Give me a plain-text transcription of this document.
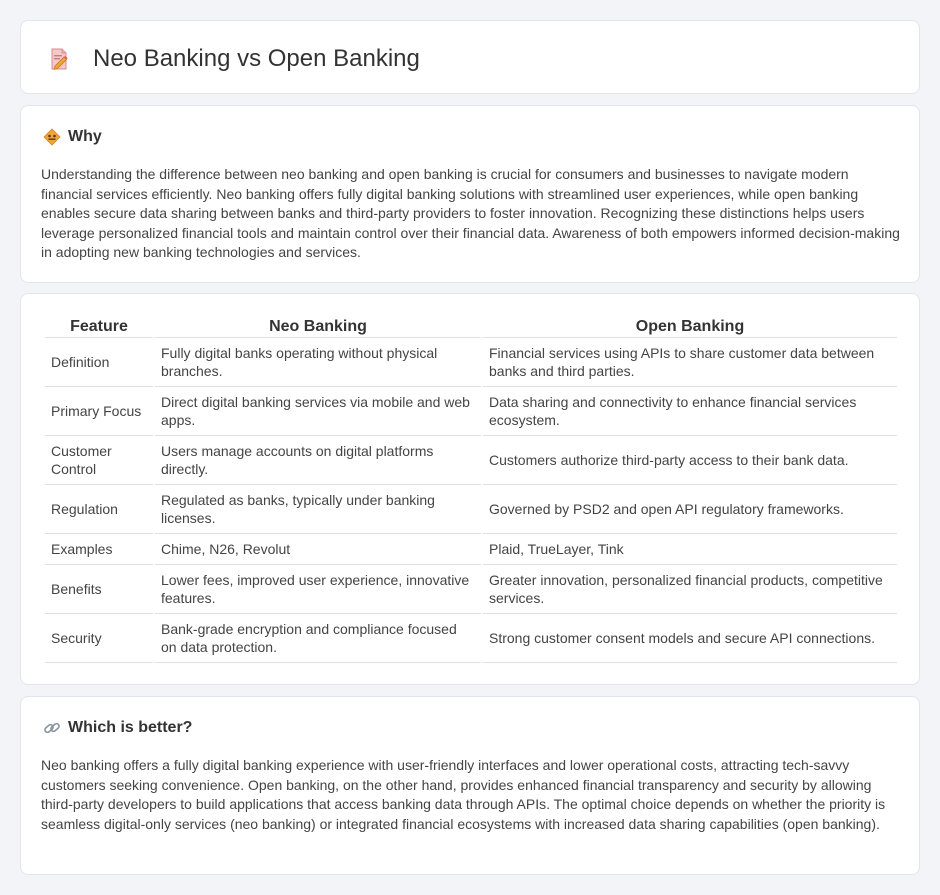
Neo Banking vs Open Banking
Why

Understanding the difference between neo banking and open banking is crucial for consumers and businesses to navigate modern financial services efficiently. Neo banking offers fully digital banking solutions with streamlined user experiences, while open banking enables secure data sharing between banks and third-party providers to foster innovation. Recognizing these distinctions helps users leverage personalized financial tools and maintain control over their financial data. Awareness of both empowers informed decision-making in adopting new banking technologies and services.

Feature	Neo Banking	Open Banking
Definition	Fully digital banks operating without physical branches.	Financial services using APIs to share customer data between banks and third parties.
Primary Focus	Direct digital banking services via mobile and web apps.	Data sharing and connectivity to enhance financial services ecosystem.
Customer Control	Users manage accounts on digital platforms directly.	Customers authorize third-party access to their bank data.
Regulation	Regulated as banks, typically under banking licenses.	Governed by PSD2 and open API regulatory frameworks.
Examples	Chime, N26, Revolut	Plaid, TrueLayer, Tink
Benefits	Lower fees, improved user experience, innovative features.	Greater innovation, personalized financial products, competitive services.
Security	Bank-grade encryption and compliance focused on data protection.	Strong customer consent models and secure API connections.
Which is better?

Neo banking offers a fully digital banking experience with user-friendly interfaces and lower operational costs, attracting tech-savvy customers seeking convenience. Open banking, on the other hand, provides enhanced financial transparency and security by allowing third-party developers to build applications that access banking data through APIs. The optimal choice depends on whether the priority is seamless digital-only services (neo banking) or integrated financial ecosystems with increased data sharing capabilities (open banking).
